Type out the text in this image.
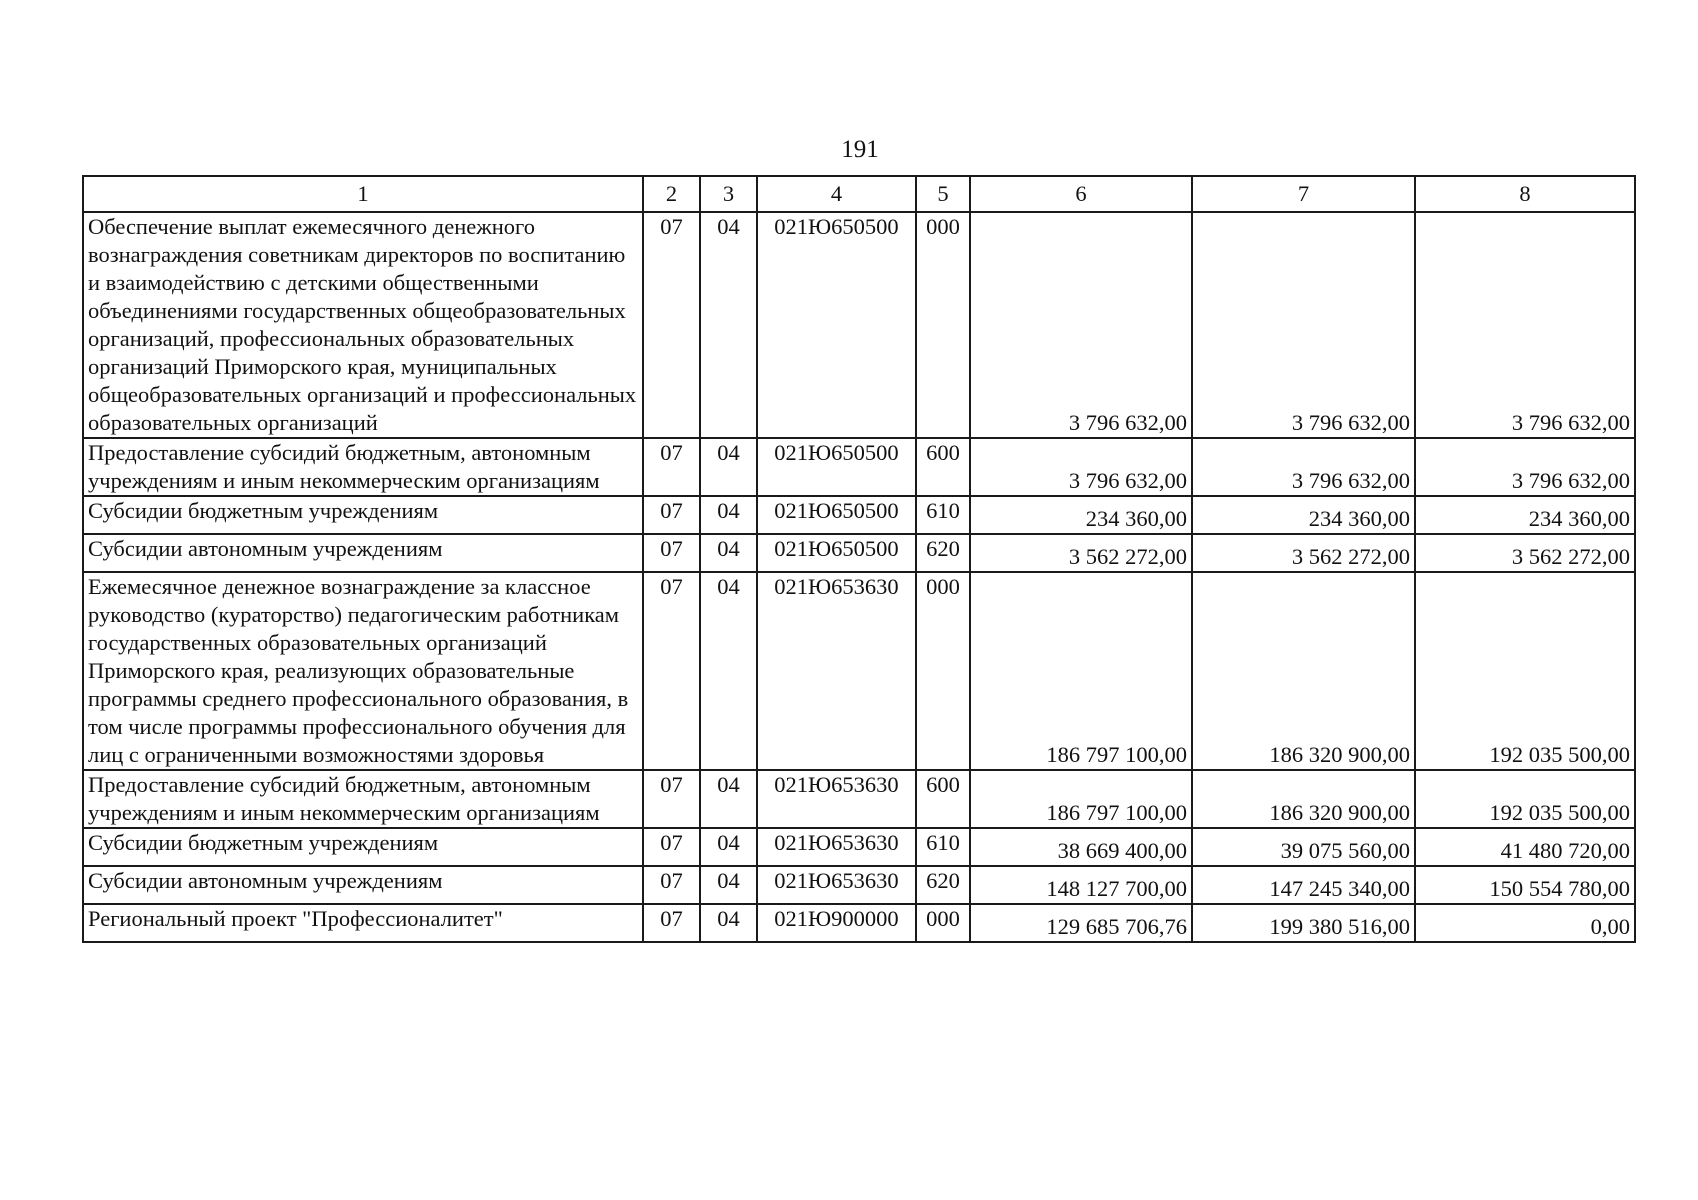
191
1	2	3	4	5	6	7	8
Обеспечение выплат ежемесячного денежного вознаграждения советникам директоров по воспитанию и взаимодействию с детскими общественными объединениями государственных общеобразовательных организаций, профессиональных образовательных организаций Приморского края, муниципальных общеобразовательных организаций и профессиональных образовательных организаций	07	04	021Ю650500	000	3 796 632,00	3 796 632,00	3 796 632,00
Предоставление субсидий бюджетным, автономным учреждениям и иным некоммерческим организациям	07	04	021Ю650500	600	3 796 632,00	3 796 632,00	3 796 632,00
Субсидии бюджетным учреждениям	07	04	021Ю650500	610	234 360,00	234 360,00	234 360,00
Субсидии автономным учреждениям	07	04	021Ю650500	620	3 562 272,00	3 562 272,00	3 562 272,00
Ежемесячное денежное вознаграждение за классное руководство (кураторство) педагогическим работникам государственных образовательных организаций Приморского края, реализующих образовательные программы среднего профессионального образования, в том числе программы профессионального обучения для лиц с ограниченными возможностями здоровья	07	04	021Ю653630	000	186 797 100,00	186 320 900,00	192 035 500,00
Предоставление субсидий бюджетным, автономным учреждениям и иным некоммерческим организациям	07	04	021Ю653630	600	186 797 100,00	186 320 900,00	192 035 500,00
Субсидии бюджетным учреждениям	07	04	021Ю653630	610	38 669 400,00	39 075 560,00	41 480 720,00
Субсидии автономным учреждениям	07	04	021Ю653630	620	148 127 700,00	147 245 340,00	150 554 780,00
Региональный проект "Профессионалитет"	07	04	021Ю900000	000	129 685 706,76	199 380 516,00	0,00
